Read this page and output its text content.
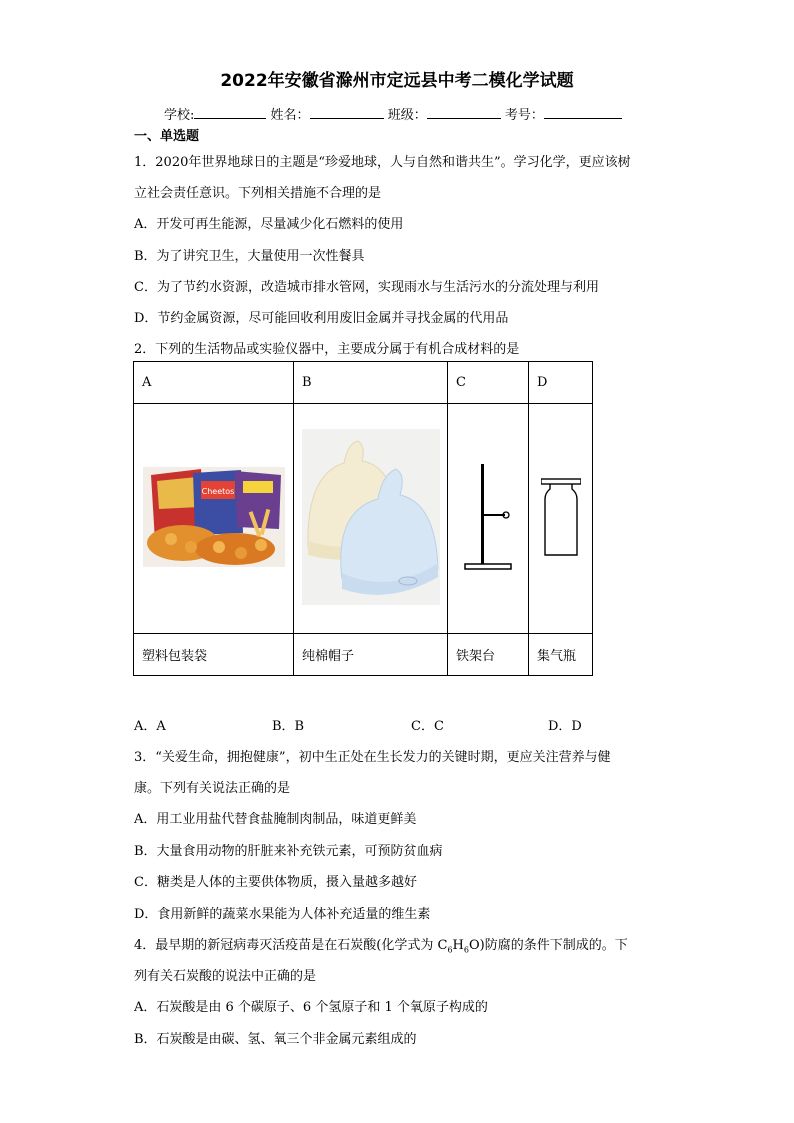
2022年安徽省滁州市定远县中考二模化学试题
学校:	姓名：	班级：	考号：
一、单选题
1．2020年世界地球日的主题是“珍爱地球，人与自然和谐共生”。学习化学，更应该树
立社会责任意识。下列相关措施不合理的是
A．开发可再生能源，尽量减少化石燃料的使用
B．为了讲究卫生，大量使用一次性餐具
C．为了节约水资源，改造城市排水管网，实现雨水与生活污水的分流处理与利用
D．节约金属资源，尽可能回收利用废旧金属并寻找金属的代用品
2．下列的生活物品或实验仪器中，主要成分属于有机合成材料的是
A	B	C	D

Cheetos

塑料包装袋	纯棉帽子	铁架台	集气瓶
A．A	B．B	C．C	D．D
3．“关爱生命，拥抱健康”，初中生正处在生长发力的关键时期，更应关注营养与健
康。下列有关说法正确的是
A．用工业用盐代替食盐腌制肉制品，味道更鲜美
B．大量食用动物的肝脏来补充铁元素，可预防贫血病
C．糖类是人体的主要供体物质，摄入量越多越好
D．食用新鲜的蔬菜水果能为人体补充适量的维生素
4．最早期的新冠病毒灭活疫苗是在石炭酸(化学式为 $C_6H_6O$)防腐的条件下制成的。下
列有关石炭酸的说法中正确的是
A．石炭酸是由 6 个碳原子、6 个氢原子和 1 个氧原子构成的
B．石炭酸是由碳、氢、氧三个非金属元素组成的
